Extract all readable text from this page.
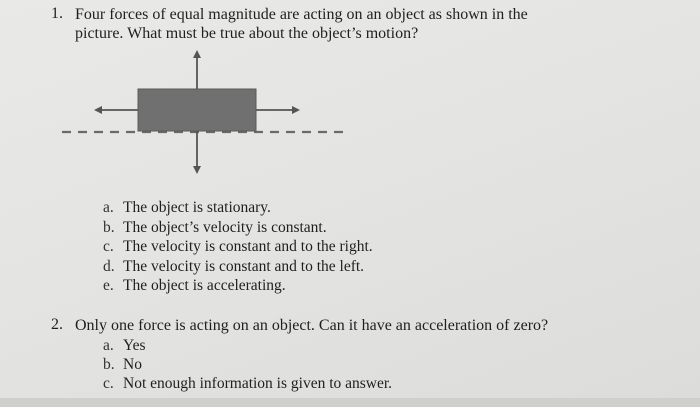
1. Four forces of equal magnitude are acting on an object as shown in the
picture. What must be true about the object’s motion?
a. The object is stationary.
b. The object’s velocity is constant.
c. The velocity is constant and to the right.
d. The velocity is constant and to the left.
e. The object is accelerating.
2. Only one force is acting on an object. Can it have an acceleration of zero?
a. Yes
b. No
c. Not enough information is given to answer.
